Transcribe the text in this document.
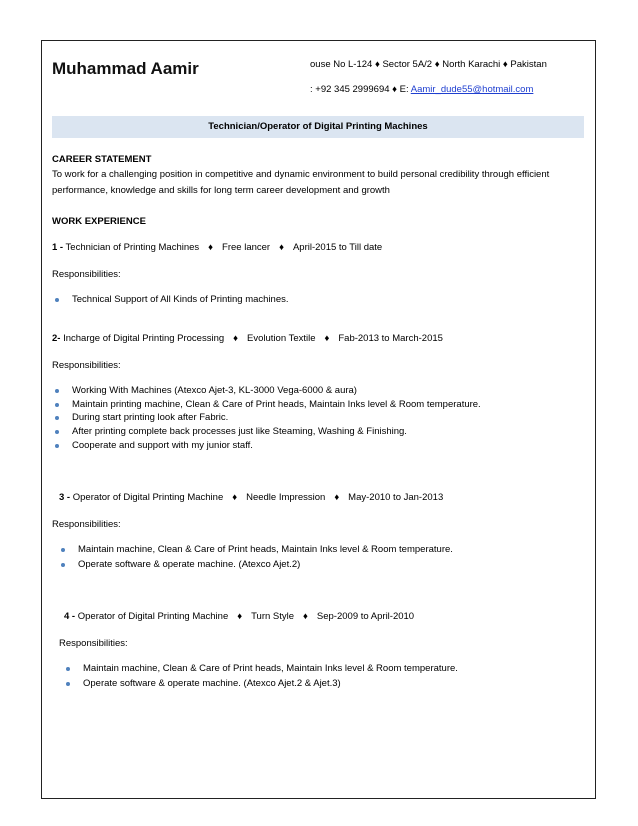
Muhammad Aamir	ouse No L-124 ♦ Sector 5A/2 ♦ North Karachi ♦ Pakistan
: +92 345 2999694 ♦ E: Aamir_dude55@hotmail.com
Technician/Operator of Digital Printing Machines
CAREER STATEMENT
To work for a challenging position in competitive and dynamic environment to build personal credibility through efficient performance, knowledge and skills for long term career development and growth
WORK EXPERIENCE
1 - Technician of Printing Machines ♦ Free lancer ♦ April-2015 to Till date
Responsibilities:
Technical Support of All Kinds of Printing machines.
2- Incharge of Digital Printing Processing ♦ Evolution Textile ♦ Fab-2013 to March-2015
Responsibilities:
Working With Machines (Atexco Ajet-3, KL-3000 Vega-6000 & aura)
Maintain printing machine, Clean & Care of Print heads, Maintain Inks level & Room temperature.
During start printing look after Fabric.
After printing complete back processes just like Steaming, Washing & Finishing.
Cooperate and support with my junior staff.
3 - Operator of Digital Printing Machine ♦ Needle Impression ♦ May-2010 to Jan-2013
Responsibilities:
Maintain machine, Clean & Care of Print heads, Maintain Inks level & Room temperature.
Operate software & operate machine. (Atexco Ajet.2)
4 - Operator of Digital Printing Machine ♦ Turn Style ♦ Sep-2009 to April-2010
Responsibilities:
Maintain machine, Clean & Care of Print heads, Maintain Inks level & Room temperature.
Operate software & operate machine. (Atexco Ajet.2 & Ajet.3)
